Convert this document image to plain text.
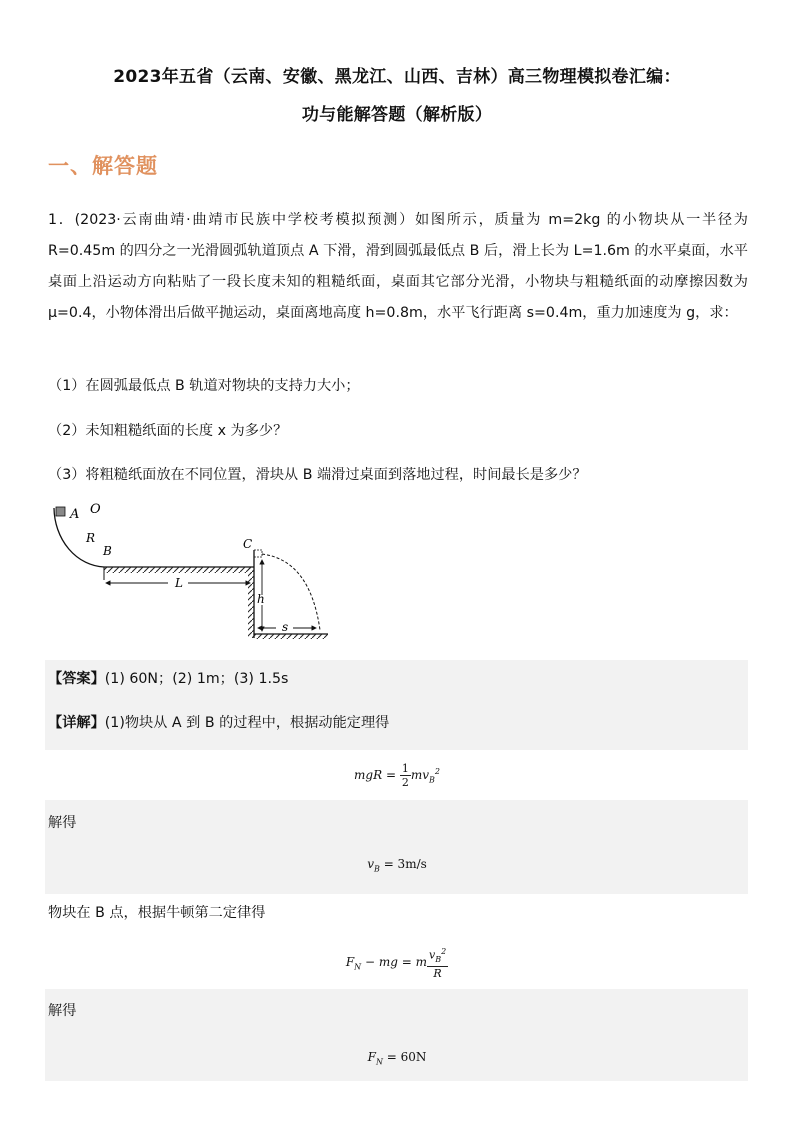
2023年五省（云南、安徽、黑龙江、山西、吉林）高三物理模拟卷汇编：
功与能解答题（解析版）
一、解答题
1．(2023·云南曲靖·曲靖市民族中学校考模拟预测）如图所示，质量为 m=2kg 的小物块从一半径为 R=0.45m 的四分之一光滑圆弧轨道顶点 A 下滑，滑到圆弧最低点 B 后，滑上长为 L=1.6m 的水平桌面，水平桌面上沿运动方向粘贴了一段长度未知的粗糙纸面，桌面其它部分光滑，小物块与粗糙纸面的动摩擦因数为 μ=0.4，小物体滑出后做平抛运动，桌面离地高度 h=0.8m，水平飞行距离 s=0.4m，重力加速度为 g，求：
（1）在圆弧最低点 B 轨道对物块的支持力大小；
（2）未知粗糙纸面的长度 x 为多少？
（3）将粗糙纸面放在不同位置，滑块从 B 端滑过桌面到落地过程，时间最长是多少？
A O
R
B	C
L
h
s
【答案】(1) 60N；(2) 1m；(3) 1.5s
【详解】(1)物块从 A 到 B 的过程中，根据动能定理得
mgR = $\frac{1}{2} mv_B^2$
解得
$v_B = 3m/s$
物块在 B 点，根据牛顿第二定律得
$F_N$ − mg = m $\frac{v_B^2}{R}$
解得
$F_N = 60N$
